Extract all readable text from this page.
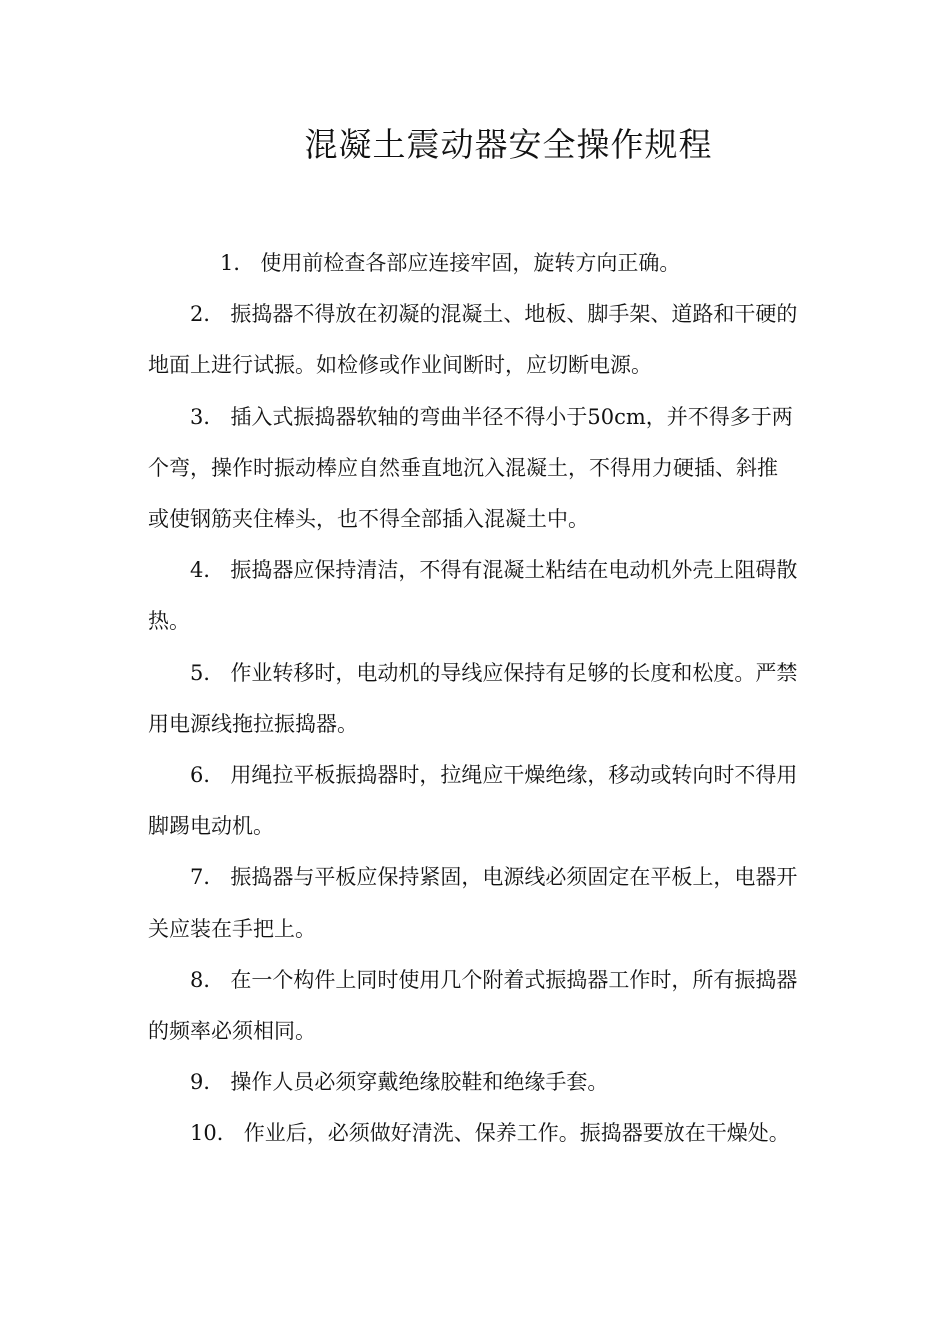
混凝土震动器安全操作规程

1． 使用前检查各部应连接牢固，旋转方向正确。

2． 振捣器不得放在初凝的混凝土、地板、脚手架、道路和干硬的地面上进行试振。如检修或作业间断时，应切断电源。

3． 插入式振捣器软轴的弯曲半径不得小于50cm，并不得多于两个弯，操作时振动棒应自然垂直地沉入混凝土，不得用力硬插、斜推或使钢筋夹住棒头，也不得全部插入混凝土中。

4． 振捣器应保持清洁，不得有混凝土粘结在电动机外壳上阻碍散热。

5． 作业转移时，电动机的导线应保持有足够的长度和松度。严禁用电源线拖拉振捣器。

6． 用绳拉平板振捣器时，拉绳应干燥绝缘，移动或转向时不得用脚踢电动机。

7． 振捣器与平板应保持紧固，电源线必须固定在平板上，电器开关应装在手把上。

8． 在一个构件上同时使用几个附着式振捣器工作时，所有振捣器的频率必须相同。

9． 操作人员必须穿戴绝缘胶鞋和绝缘手套。

10． 作业后，必须做好清洗、保养工作。振捣器要放在干燥处。
